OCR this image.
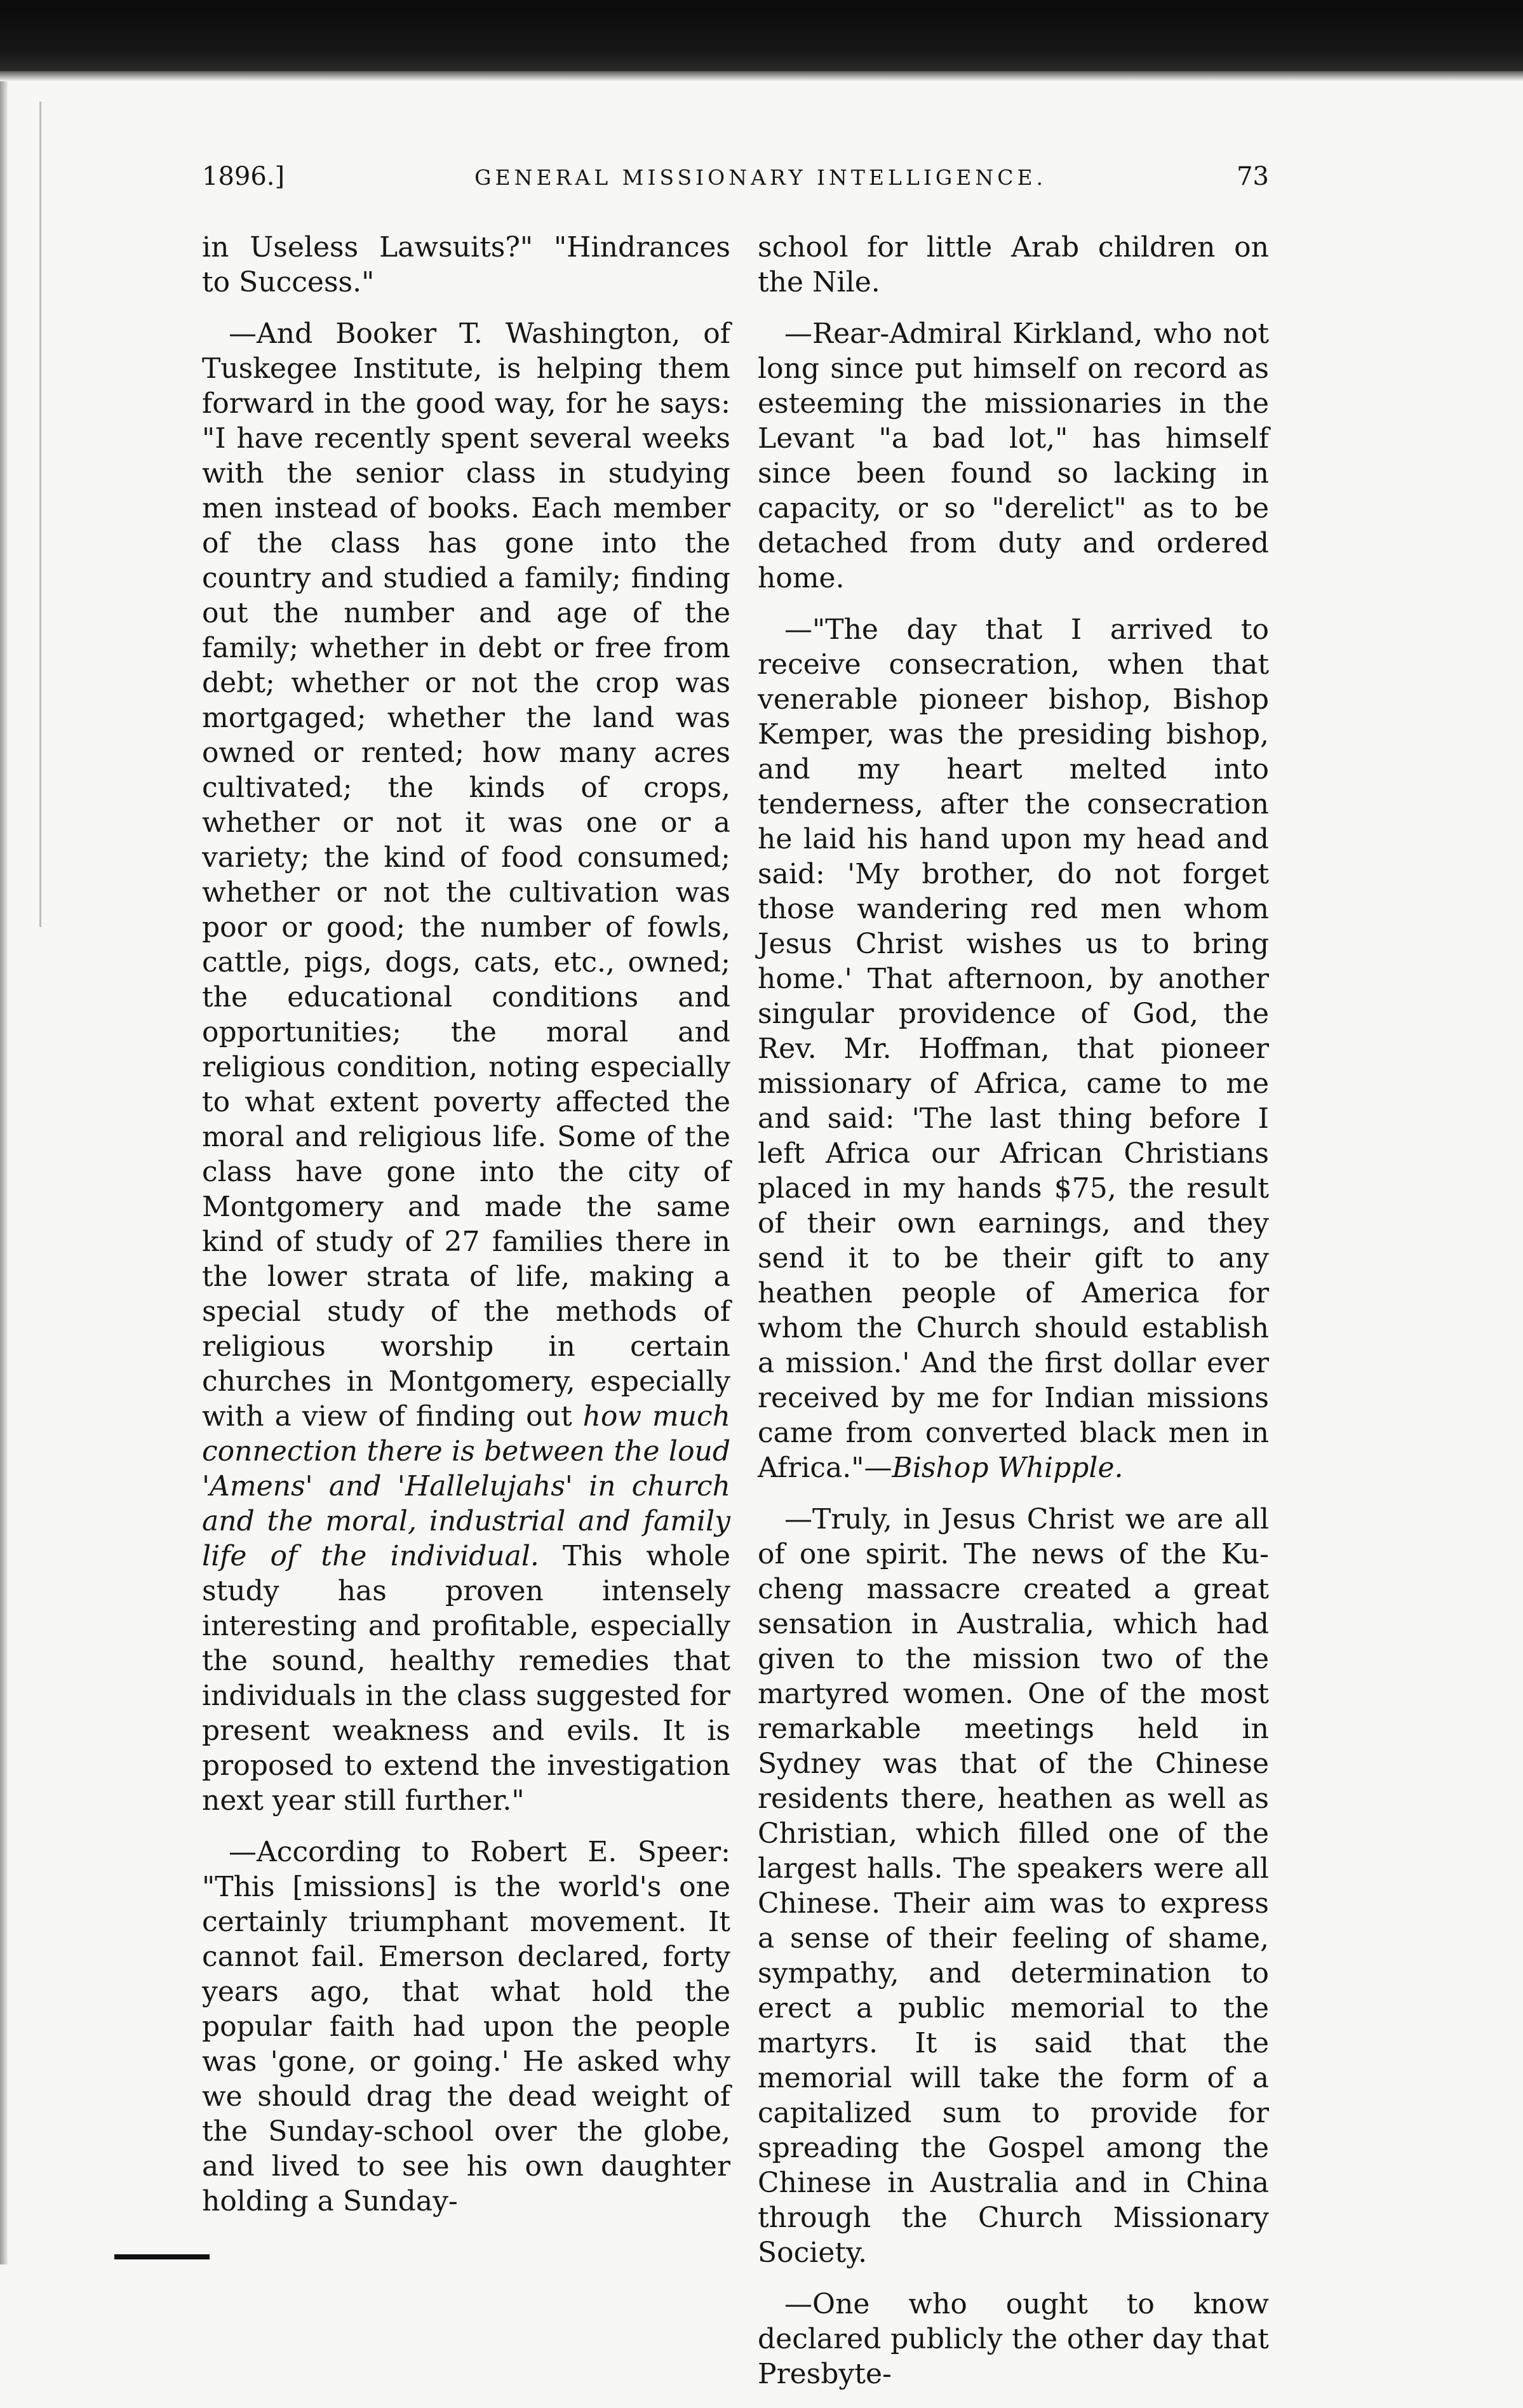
1896.]	GENERAL MISSIONARY INTELLIGENCE.	73

in Useless Lawsuits?" "Hindrances to Success."

—And Booker T. Washington, of Tuskegee Institute, is helping them forward in the good way, for he says: "I have recently spent several weeks with the senior class in studying men instead of books. Each member of the class has gone into the country and studied a family; finding out the number and age of the family; whether in debt or free from debt; whether or not the crop was mortgaged; whether the land was owned or rented; how many acres cultivated; the kinds of crops, whether or not it was one or a variety; the kind of food consumed; whether or not the cultivation was poor or good; the number of fowls, cattle, pigs, dogs, cats, etc., owned; the educational conditions and opportunities; the moral and religious condition, noting especially to what extent poverty affected the moral and religious life. Some of the class have gone into the city of Montgomery and made the same kind of study of 27 families there in the lower strata of life, making a special study of the methods of religious worship in certain churches in Montgomery, especially with a view of finding out how much connection there is between the loud 'Amens' and 'Hallelujahs' in church and the moral, industrial and family life of the individual. This whole study has proven intensely interesting and profitable, especially the sound, healthy remedies that individuals in the class suggested for present weakness and evils. It is proposed to extend the investigation next year still further."

—According to Robert E. Speer: "This [missions] is the world's one certainly triumphant movement. It cannot fail. Emerson declared, forty years ago, that what hold the popular faith had upon the people was 'gone, or going.' He asked why we should drag the dead weight of the Sunday-school over the globe, and lived to see his own daughter holding a Sunday-

school for little Arab children on the Nile.

—Rear-Admiral Kirkland, who not long since put himself on record as esteeming the missionaries in the Levant "a bad lot," has himself since been found so lacking in capacity, or so "derelict" as to be detached from duty and ordered home.

—"The day that I arrived to receive consecration, when that venerable pioneer bishop, Bishop Kemper, was the presiding bishop, and my heart melted into tenderness, after the consecration he laid his hand upon my head and said: 'My brother, do not forget those wandering red men whom Jesus Christ wishes us to bring home.' That afternoon, by another singular providence of God, the Rev. Mr. Hoffman, that pioneer missionary of Africa, came to me and said: 'The last thing before I left Africa our African Christians placed in my hands $75, the result of their own earnings, and they send it to be their gift to any heathen people of America for whom the Church should establish a mission.' And the first dollar ever received by me for Indian missions came from converted black men in Africa."—Bishop Whipple.

—Truly, in Jesus Christ we are all of one spirit. The news of the Ku-cheng massacre created a great sensation in Australia, which had given to the mission two of the martyred women. One of the most remarkable meetings held in Sydney was that of the Chinese residents there, heathen as well as Christian, which filled one of the largest halls. The speakers were all Chinese. Their aim was to express a sense of their feeling of shame, sympathy, and determination to erect a public memorial to the martyrs. It is said that the memorial will take the form of a capitalized sum to provide for spreading the Gospel among the Chinese in Australia and in China through the Church Missionary Society.

—One who ought to know declared publicly the other day that Presbyte-
